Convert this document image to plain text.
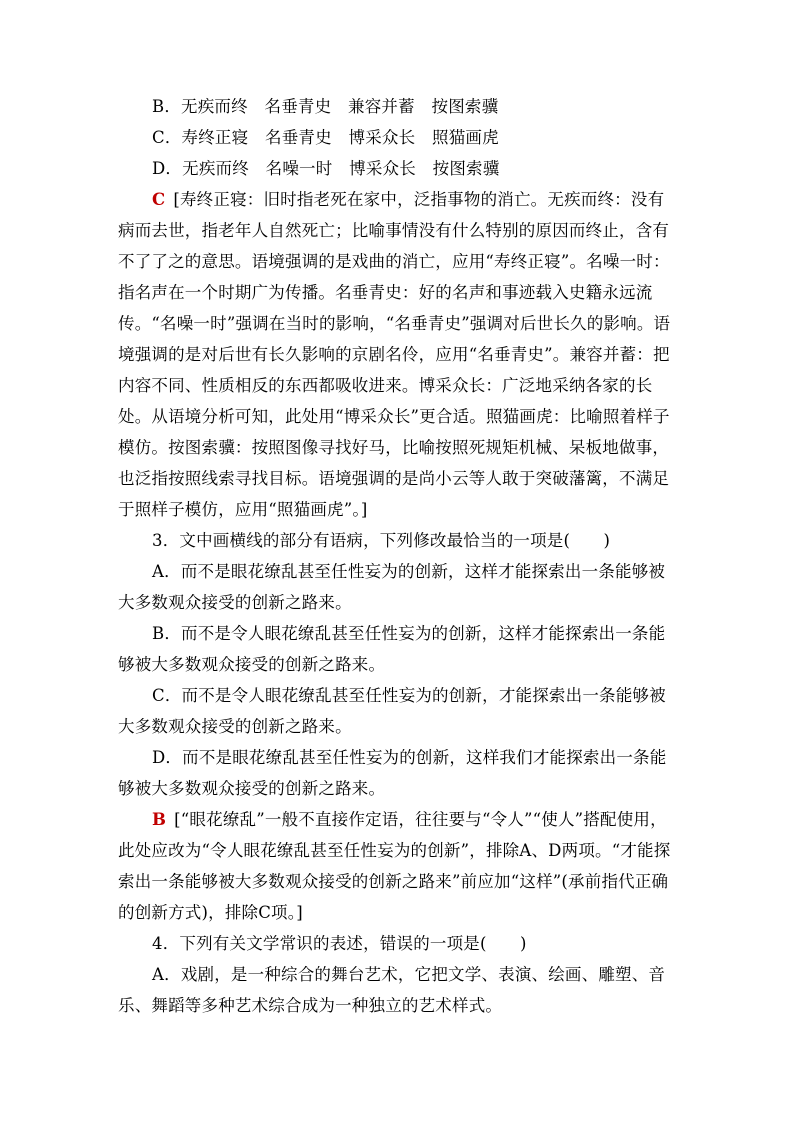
B．无疾而终　名垂青史　兼容并蓄　按图索骥

C．寿终正寝　名垂青史　博采众长　照猫画虎

D．无疾而终　名噪一时　博采众长　按图索骥

C [寿终正寝：旧时指老死在家中，泛指事物的消亡。无疾而终：没有病而去世，指老年人自然死亡；比喻事情没有什么特别的原因而终止，含有不了了之的意思。语境强调的是戏曲的消亡，应用“寿终正寝”。名噪一时：指名声在一个时期广为传播。名垂青史：好的名声和事迹载入史籍永远流传。“名噪一时”强调在当时的影响，“名垂青史”强调对后世长久的影响。语境强调的是对后世有长久影响的京剧名伶，应用“名垂青史”。兼容并蓄：把内容不同、性质相反的东西都吸收进来。博采众长：广泛地采纳各家的长处。从语境分析可知，此处用“博采众长”更合适。照猫画虎：比喻照着样子模仿。按图索骥：按照图像寻找好马，比喻按照死规矩机械、呆板地做事，也泛指按照线索寻找目标。语境强调的是尚小云等人敢于突破藩篱，不满足于照样子模仿，应用“照猫画虎”。]

3．文中画横线的部分有语病，下列修改最恰当的一项是(　　)

A．而不是眼花缭乱甚至任性妄为的创新，这样才能探索出一条能够被大多数观众接受的创新之路来。

B．而不是令人眼花缭乱甚至任性妄为的创新，这样才能探索出一条能够被大多数观众接受的创新之路来。

C．而不是令人眼花缭乱甚至任性妄为的创新，才能探索出一条能够被大多数观众接受的创新之路来。

D．而不是眼花缭乱甚至任性妄为的创新，这样我们才能探索出一条能够被大多数观众接受的创新之路来。

B [“眼花缭乱”一般不直接作定语，往往要与“令人”“使人”搭配使用，此处应改为“令人眼花缭乱甚至任性妄为的创新”，排除A、D两项。“才能探索出一条能够被大多数观众接受的创新之路来”前应加“这样”(承前指代正确的创新方式)，排除C项。]

4．下列有关文学常识的表述，错误的一项是(　　)

A．戏剧，是一种综合的舞台艺术，它把文学、表演、绘画、雕塑、音乐、舞蹈等多种艺术综合成为一种独立的艺术样式。
